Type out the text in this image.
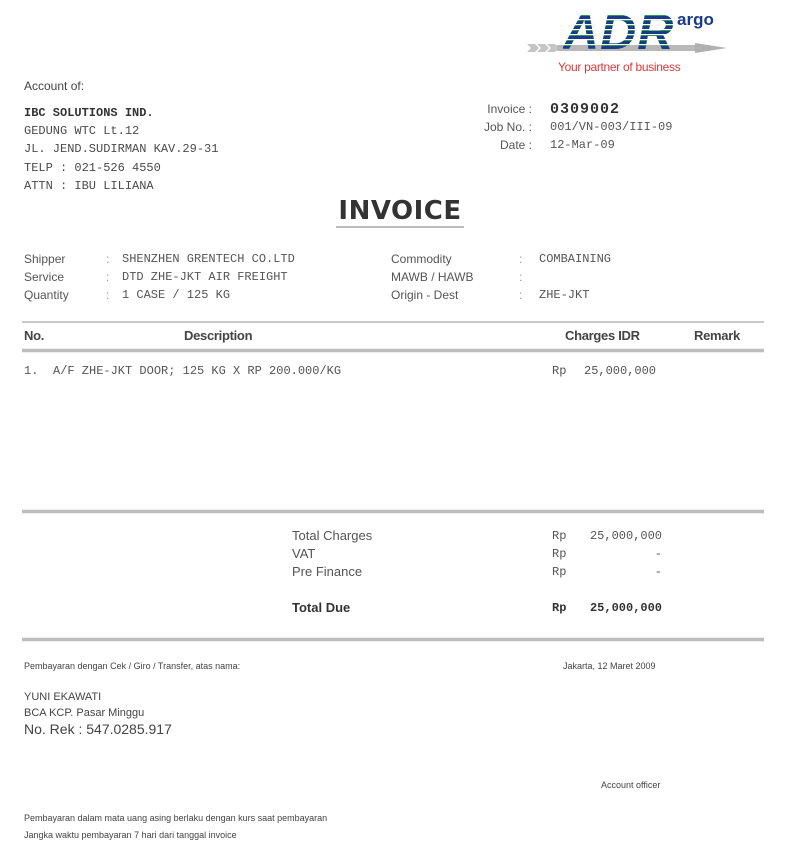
ADR argo
Your partner of business
Account of:
IBC SOLUTIONS IND.
GEDUNG WTC Lt.12
JL. JEND.SUDIRMAN KAV.29-31
TELP : 021-526 4550
ATTN : IBU LILIANA
Invoice : 0309002
Job No. : 001/VN-003/III-09
Date : 12-Mar-09
INVOICE
Shipper	:	SHENZHEN GRENTECH CO.LTD
Service	:	DTD ZHE-JKT AIR FREIGHT
Quantity	:	1 CASE / 125 KG
Commodity	:	COMBAINING
MAWB / HAWB	:
Origin - Dest	:	ZHE-JKT
No.	Description	Charges IDR	Remark
1. A/F ZHE-JKT DOOR; 125 KG X RP 200.000/KG	Rp 25,000,000
Total Charges	Rp	25,000,000
VAT	Rp	-
Pre Finance	Rp	-
Total Due	Rp	25,000,000
Pembayaran dengan Cek / Giro / Transfer, atas nama:	Jakarta, 12 Maret 2009
YUNI EKAWATI
BCA KCP. Pasar Minggu
No. Rek : 547.0285.917
Account officer
Pembayaran dalam mata uang asing berlaku dengan kurs saat pembayaran
Jangka waktu pembayaran 7 hari dari tanggal invoice
